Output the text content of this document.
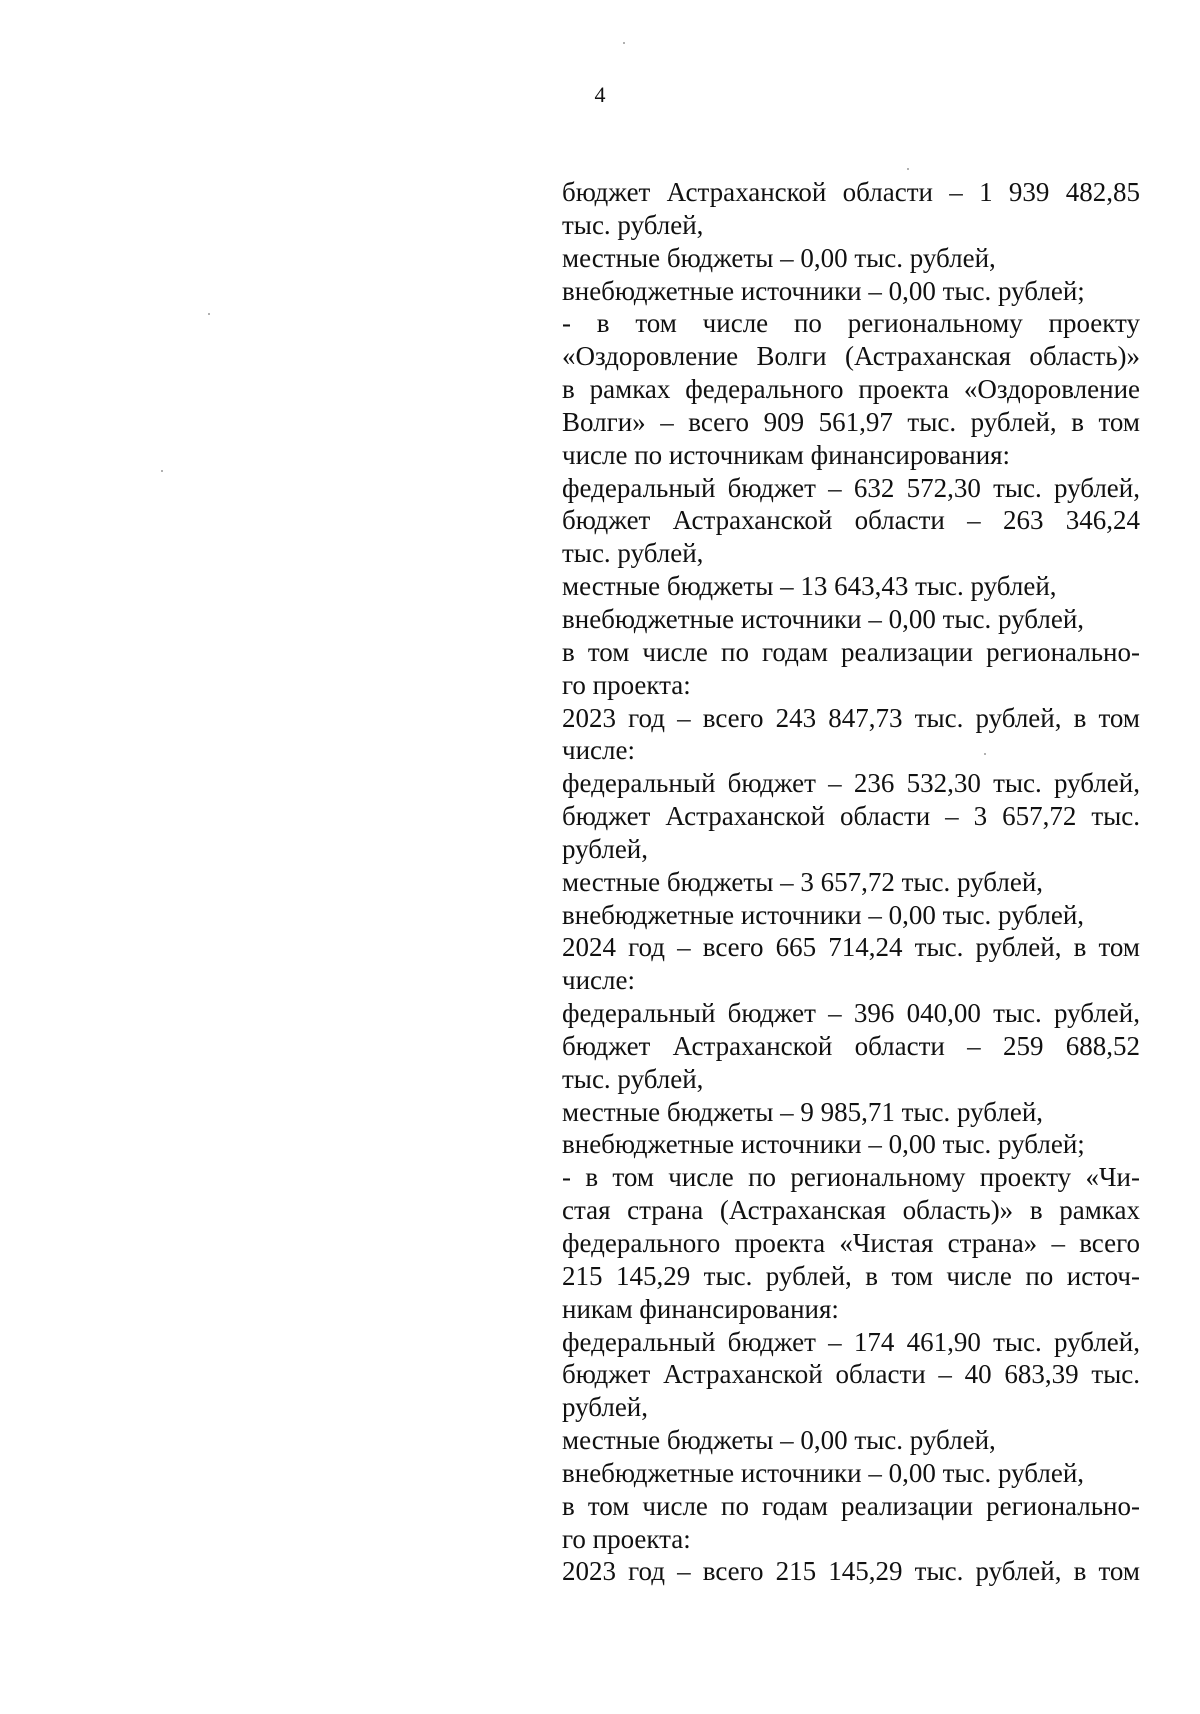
4
бюджет Астраханской области – 1 939 482,85
тыс. рублей,
местные бюджеты – 0,00 тыс. рублей,
внебюджетные источники – 0,00 тыс. рублей;
- в том числе по региональному проекту
«Оздоровление Волги (Астраханская область)»
в рамках федерального проекта «Оздоровление
Волги» – всего 909 561,97 тыс. рублей, в том
числе по источникам финансирования:
федеральный бюджет – 632 572,30 тыс. рублей,
бюджет Астраханской области – 263 346,24
тыс. рублей,
местные бюджеты – 13 643,43 тыс. рублей,
внебюджетные источники – 0,00 тыс. рублей,
в том числе по годам реализации регионально-
го проекта:
2023 год – всего 243 847,73 тыс. рублей, в том
числе:
федеральный бюджет – 236 532,30 тыс. рублей,
бюджет Астраханской области – 3 657,72 тыс.
рублей,
местные бюджеты – 3 657,72 тыс. рублей,
внебюджетные источники – 0,00 тыс. рублей,
2024 год – всего 665 714,24 тыс. рублей, в том
числе:
федеральный бюджет – 396 040,00 тыс. рублей,
бюджет Астраханской области – 259 688,52
тыс. рублей,
местные бюджеты – 9 985,71 тыс. рублей,
внебюджетные источники – 0,00 тыс. рублей;
- в том числе по региональному проекту «Чи-
стая страна (Астраханская область)» в рамках
федерального проекта «Чистая страна» – всего
215 145,29 тыс. рублей, в том числе по источ-
никам финансирования:
федеральный бюджет – 174 461,90 тыс. рублей,
бюджет Астраханской области – 40 683,39 тыс.
рублей,
местные бюджеты – 0,00 тыс. рублей,
внебюджетные источники – 0,00 тыс. рублей,
в том числе по годам реализации регионально-
го проекта:
2023 год – всего 215 145,29 тыс. рублей, в том
